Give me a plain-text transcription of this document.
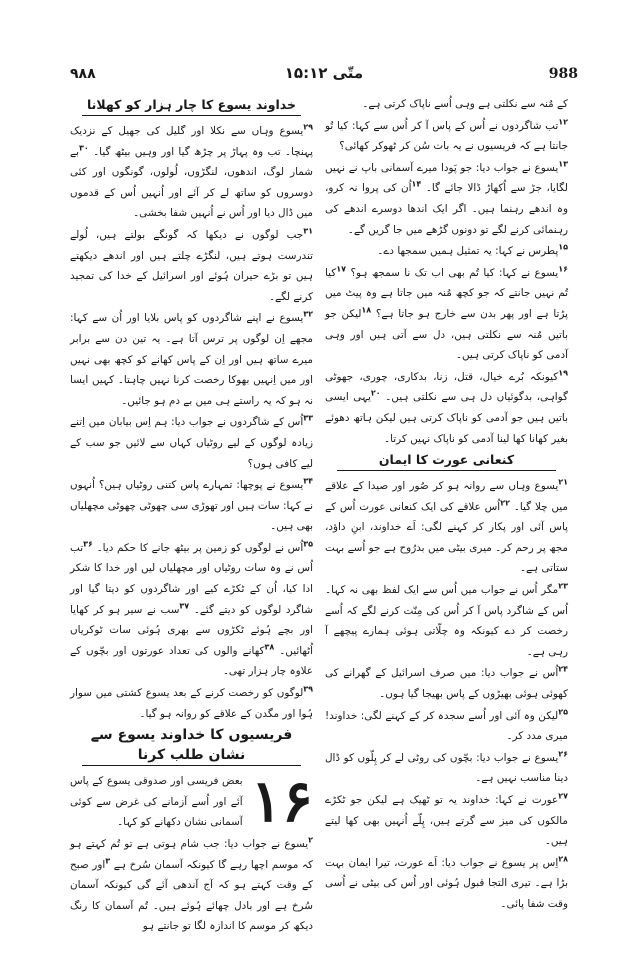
۹۸۸	متّی ۱۵:۱۲	988

کے مُنہ سے نکلتی ہے وہی اُسے ناپاک کرتی ہے۔

$^{۱۲}$تب شاگردوں نے اُس کے پاس آ کر اُس سے کہا: کیا تُو جانتا ہے کہ فریسیوں نے یہ بات سُن کر ٹھوکر کھائی؟

$^{۱۳}$یسوع نے جواب دیا: جو پَودا میرے آسمانی باپ نے نہیں لگایا، جڑ سے اُکھاڑ ڈالا جائے گا۔ $^{۱۴}$اُن کی پروا نہ کرو، وہ اندھے رہنما ہیں۔ اگر ایک اندھا دوسرے اندھے کی رہنمائی کرنے لگے تو دونوں گڑھے میں جا گریں گے۔

$^{۱۵}$پطرس نے کہا: یہ تمثیل ہمیں سمجھا دے۔

$^{۱۶}$یسوع نے کہا: کیا تُم بھی اب تک نا سمجھ ہو؟ $^{۱۷}$کیا تُم نہیں جانتے کہ جو کچھ مُنہ میں جاتا ہے وہ پیٹ میں پڑتا ہے اور پھر بدن سے خارج ہو جاتا ہے؟ $^{۱۸}$لیکن جو باتیں مُنہ سے نکلتی ہیں، دل سے آتی ہیں اور وہی آدمی کو ناپاک کرتی ہیں۔

$^{۱۹}$کیونکہ بُرے خیال، قتل، زنا، بدکاری، چوری، جھوٹی گواہی، بدگوئیاں دل ہی سے نکلتی ہیں۔ $^{۲۰}$یہی ایسی باتیں ہیں جو آدمی کو ناپاک کرتی ہیں لیکن ہاتھ دھوئے بغیر کھانا کھا لینا آدمی کو ناپاک نہیں کرتا۔

کنعانی عورت کا ایمان

$^{۲۱}$یسوع وہاں سے روانہ ہو کر صُور اور صیدا کے علاقے میں چلا گیا۔ $^{۲۲}$اُس علاقے کی ایک کنعانی عورت اُس کے پاس آئی اور پکار کر کہنے لگی: اَے خداوند، ابنِ داؤد، مجھ پر رحم کر۔ میری بیٹی میں بدرُوح ہے جو اُسے بہت ستاتی ہے۔

$^{۲۳}$مگر اُس نے جواب میں اُس سے ایک لفظ بھی نہ کہا۔ اُس کے شاگرد پاس آ کر اُس کی مِنّت کرنے لگے کہ اُسے رخصت کر دے کیونکہ وہ چلّاتی ہوئی ہمارے پیچھے آ رہی ہے۔

$^{۲۴}$اُس نے جواب دیا: میں صرف اسرائیل کے گھرانے کی کھوئی ہوئی بھیڑوں کے پاس بھیجا گیا ہوں۔

$^{۲۵}$لیکن وہ آئی اور اُسے سجدہ کر کے کہنے لگی: خداوند! میری مدد کر۔

$^{۲۶}$یسوع نے جواب دیا: بچّوں کی روٹی لے کر پِلّوں کو ڈال دینا مناسب نہیں ہے۔

$^{۲۷}$عورت نے کہا: خداوند یہ تو ٹھیک ہے لیکن جو ٹکڑے مالکوں کی میز سے گرتے ہیں، پِلّے اُنہیں بھی کھا لیتے ہیں۔

$^{۲۸}$اِس پر یسوع نے جواب دیا: اَے عورت، تیرا ایمان بہت بڑا ہے۔ تیری التجا قبول ہُوئی اور اُس کی بیٹی نے اُسی وقت شفا پائی۔

خداوند یسوع کا چار ہزار کو کھلانا

$^{۲۹}$یسوع وہاں سے نکلا اور گلیل کی جھیل کے نزدیک پہنچا۔ تب وہ پہاڑ پر چڑھ گیا اور وہیں بیٹھ گیا۔ $^{۳۰}$بے شمار لوگ، اندھوں، لنگڑوں، لُولوں، گونگوں اور کئی دوسروں کو ساتھ لے کر آئے اور اُنہیں اُس کے قدموں میں ڈال دیا اور اُس نے اُنہیں شفا بخشی۔

$^{۳۱}$جب لوگوں نے دیکھا کہ گونگے بولتے ہیں، لُولے تندرست ہوتے ہیں، لنگڑے چلتے ہیں اور اندھے دیکھتے ہیں تو بڑے حیران ہُوئے اور اسرائیل کے خدا کی تمجید کرنے لگے۔

$^{۳۲}$یسوع نے اپنے شاگردوں کو پاس بلایا اور اُن سے کہا: مجھے اِن لوگوں پر ترس آتا ہے۔ یہ تین دن سے برابر میرے ساتھ ہیں اور اِن کے پاس کھانے کو کچھ بھی نہیں اور میں اِنہیں بھوکا رخصت کرنا نہیں چاہتا۔ کہیں ایسا نہ ہو کہ یہ راستے ہی میں بے دم ہو جائیں۔

$^{۳۳}$اُس کے شاگردوں نے جواب دیا: ہم اِس بیابان میں اِتنے زیادہ لوگوں کے لیے روٹیاں کہاں سے لائیں جو سب کے لیے کافی ہوں؟

$^{۳۴}$یسوع نے پوچھا: تمہارے پاس کتنی روٹیاں ہیں؟ اُنہوں نے کہا: سات ہیں اور تھوڑی سی چھوٹی چھوٹی مچھلیاں بھی ہیں۔

$^{۳۵}$اُس نے لوگوں کو زمین پر بیٹھ جانے کا حکم دیا۔ $^{۳۶}$تب اُس نے وہ سات روٹیاں اور مچھلیاں لیں اور خدا کا شکر ادا کیا، اُن کے ٹکڑے کیے اور شاگردوں کو دیتا گیا اور شاگرد لوگوں کو دیتے گئے۔ $^{۳۷}$سب نے سیر ہو کر کھایا اور بچے ہُوئے ٹکڑوں سے بھری ہُوئی سات ٹوکریاں اُٹھائیں۔ $^{۳۸}$کھانے والوں کی تعداد عورتوں اور بچّوں کے علاوہ چار ہزار تھی۔

$^{۳۹}$لوگوں کو رخصت کرنے کے بعد یسوع کشتی میں سوار ہُوا اور مگدن کے علاقے کو روانہ ہو گیا۔

فریسیوں کا خداوند یسوع سے نشان طلب کرنا
۱۶

بعض فریسی اور صدوقی یسوع کے پاس آئے اور اُسے آزمانے کی غرض سے کوئی آسمانی نشان دکھانے کو کہا۔

$^۲$یسوع نے جواب دیا: جب شام ہوتی ہے تو تُم کہتے ہو کہ موسم اچھا رہے گا کیونکہ آسمان سُرخ ہے $^۳$اور صبح کے وقت کہتے ہو کہ آج آندھی آئے گی کیونکہ آسمان سُرخ ہے اور بادل چھائے ہُوئے ہیں۔ تُم آسمان کا رنگ دیکھ کر موسم کا اندازہ لگا تو جانتے ہو
